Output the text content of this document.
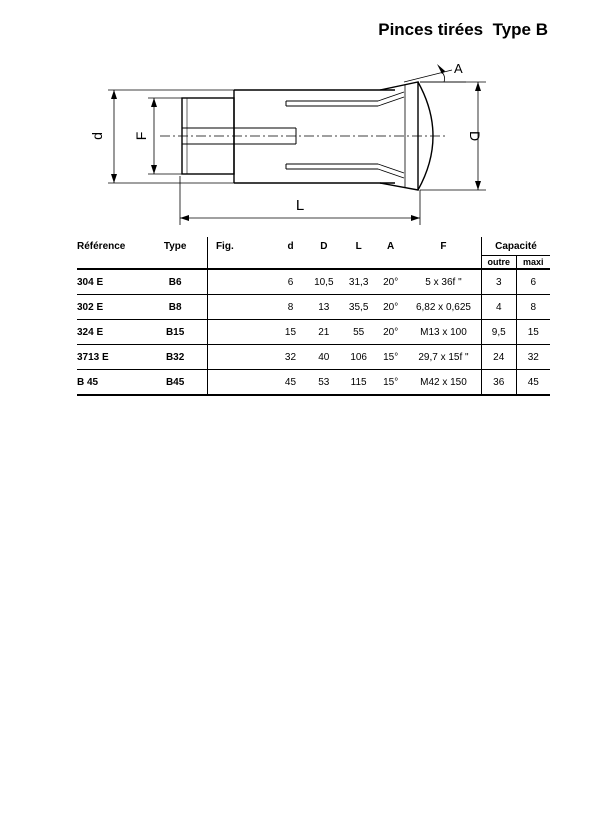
Pinces tirées  Type B
d F	D
L
A
Référence	Type	Fig.	d	D	L	A	F	Capacité	
								outre	maxi
304 E	B6		6	10,5	31,3	20°	5 x 36f "	3	6
302 E	B8		8	13	35,5	20°	6,82 x 0,625	4	8
324 E	B15		15	21	55	20°	M13 x 100	9,5	15
3713 E	B32		32	40	106	15°	29,7 x 15f "	24	32
B 45	B45		45	53	115	15°	M42 x 150	36	45
